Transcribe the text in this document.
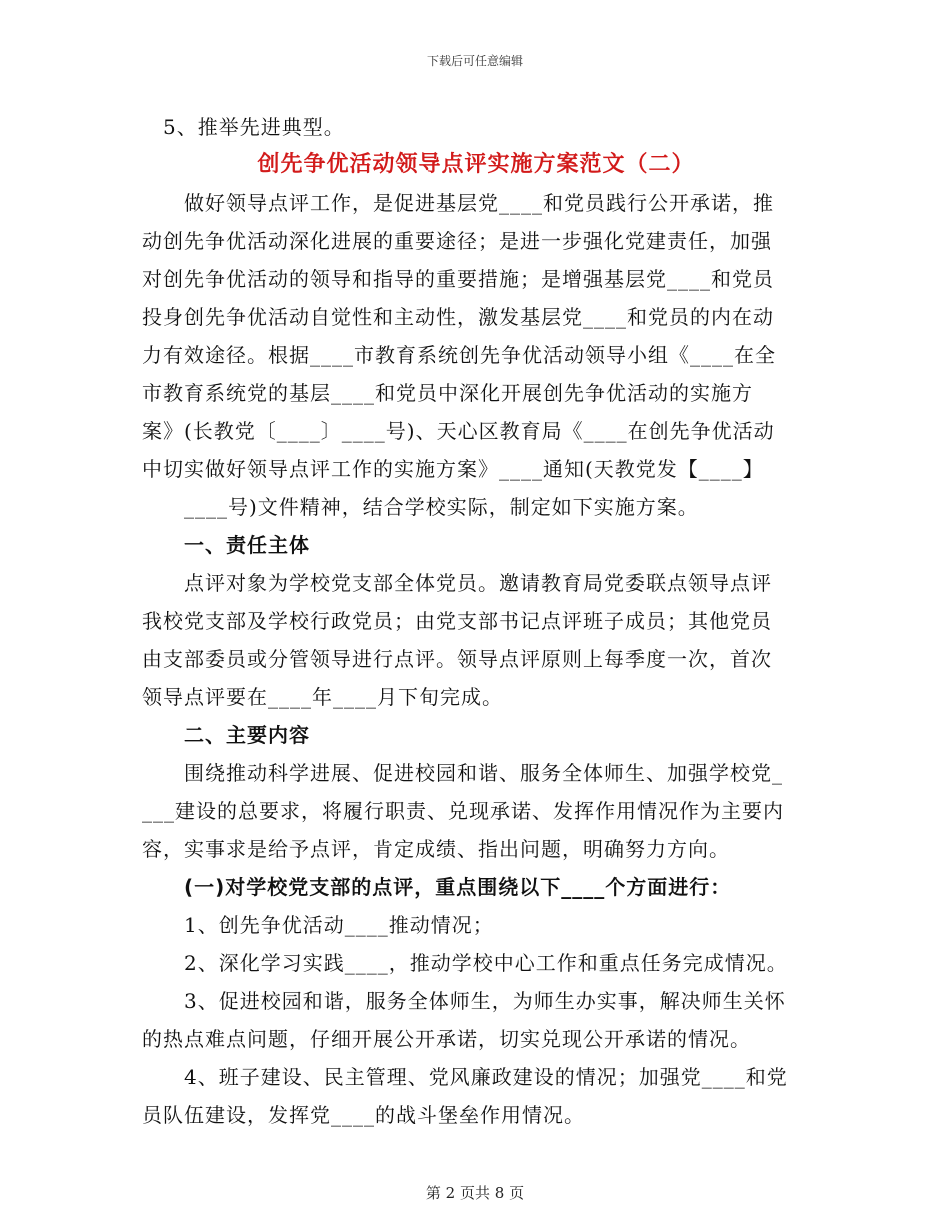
下载后可任意编辑
　5、推举先进典型。
创先争优活动领导点评实施方案范文（二）
　　做好领导点评工作，是促进基层党____和党员践行公开承诺，推
动创先争优活动深化进展的重要途径；是进一步强化党建责任，加强
对创先争优活动的领导和指导的重要措施；是增强基层党____和党员
投身创先争优活动自觉性和主动性，激发基层党____和党员的内在动
力有效途径。根据____市教育系统创先争优活动领导小组《____在全
市教育系统党的基层____和党员中深化开展创先争优活动的实施方
案》(长教党〔____〕____号)、天心区教育局《____在创先争优活动
中切实做好领导点评工作的实施方案》____通知(天教党发【____】
　　____号)文件精神，结合学校实际，制定如下实施方案。
　　一、责任主体
　　点评对象为学校党支部全体党员。邀请教育局党委联点领导点评
我校党支部及学校行政党员；由党支部书记点评班子成员；其他党员
由支部委员或分管领导进行点评。领导点评原则上每季度一次，首次
领导点评要在____年____月下旬完成。
　　二、主要内容
　　围绕推动科学进展、促进校园和谐、服务全体师生、加强学校党_
___建设的总要求，将履行职责、兑现承诺、发挥作用情况作为主要内
容，实事求是给予点评，肯定成绩、指出问题，明确努力方向。
　　(一)对学校党支部的点评，重点围绕以下____个方面进行：
　　1、创先争优活动____推动情况；
　　2、深化学习实践____，推动学校中心工作和重点任务完成情况。
　　3、促进校园和谐，服务全体师生，为师生办实事，解决师生关怀
的热点难点问题，仔细开展公开承诺，切实兑现公开承诺的情况。
　　4、班子建设、民主管理、党风廉政建设的情况；加强党____和党
员队伍建设，发挥党____的战斗堡垒作用情况。
第 2 页共 8 页
